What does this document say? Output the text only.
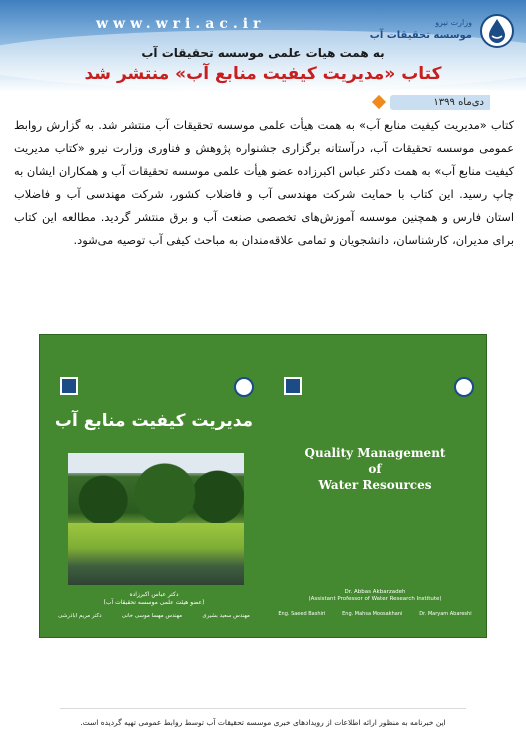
www.wri.ac.ir	وزارت نیرو
موسسه تحقیقات آب
به همت هیات علمی موسسه تحقیقات آب
کتاب «مدیریت کیفیت منابع آب» منتشر شد
دی‌ماه ۱۳۹۹
کتاب «مدیریت کیفیت منابع آب» به همت هیأت علمی موسسه تحقیقات آب منتشر شد. به گزارش روابط عمومی موسسه تحقیقات آب، درآستانه برگزاری جشنواره پژوهش و فناوری وزارت نیرو «کتاب مدیریت کیفیت منابع آب» به همت دکتر عباس اکبرزاده عضو هیأت علمی موسسه تحقیقات آب و همکاران ایشان به چاپ رسید. این کتاب با حمایت شرکت مهندسی آب و فاضلاب کشور، شرکت مهندسی آب و فاضلاب استان فارس و همچنین موسسه آموزش‌های تخصصی صنعت آب و برق منتشر گردید. مطالعه این کتاب برای مدیران، کارشناسان، دانشجویان و تمامی علاقه‌مندان به مباحث کیفی آب توصیه می‌شود.
مدیریت کیفیت منابع آب
دکتر عباس اکبرزاده
(عضو هیئت علمی موسسه تحقیقات آب)
مهندس سعید بشیری
مهندس مهسا موسی خانی
دکتر مریم اباذرشی
Quality Management
of
Water Resources
Dr. Abbas Akbarzadeh
(Assistant Professor of Water Research Institute)
Eng. Saeed Bashiri	Eng. Mahsa Moosakhani	Dr. Maryam Abareshi
این خبرنامه به منظور ارائه اطلاعات از رویدادهای خبری موسسه تحقیقات آب توسط روابط عمومی تهیه گردیده است.
